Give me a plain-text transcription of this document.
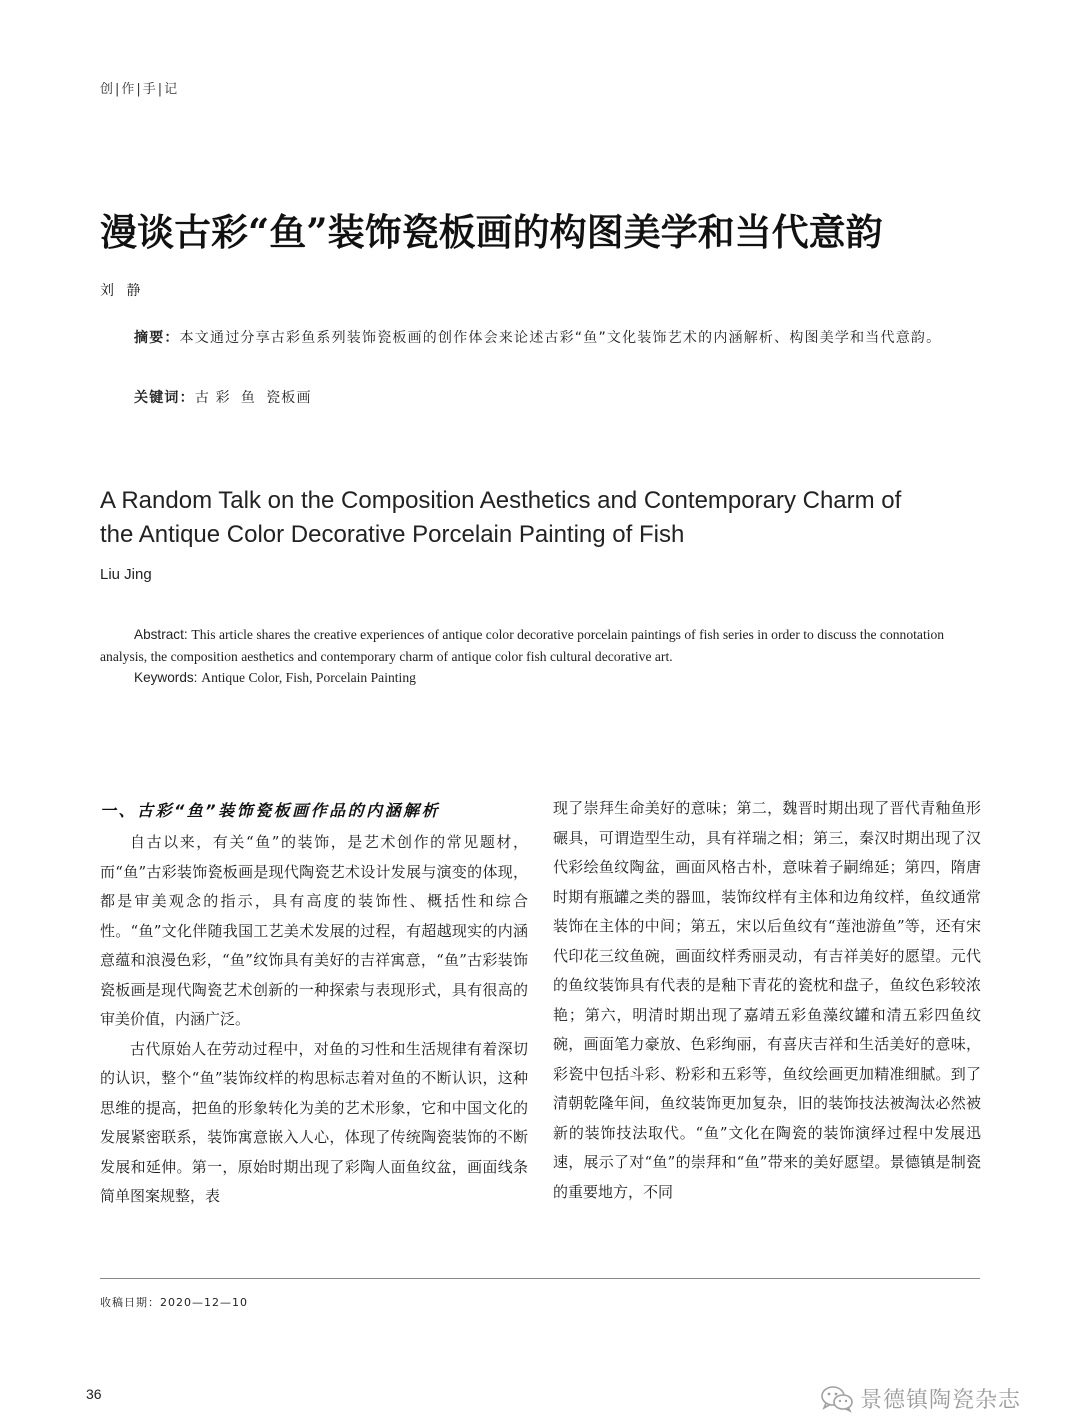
创|作|手|记
漫谈古彩“鱼”装饰瓷板画的构图美学和当代意韵
刘 静
摘要：本文通过分享古彩鱼系列装饰瓷板画的创作体会来论述古彩“鱼”文化装饰艺术的内涵解析、构图美学和当代意韵。
关键词：古 彩 鱼 瓷板画
A Random Talk on the Composition Aesthetics and Contemporary Charm of
the Antique Color Decorative Porcelain Painting of Fish
Liu Jing
Abstract: This article shares the creative experiences of antique color decorative porcelain paintings of fish series in order to discuss the connotation analysis, the composition aesthetics and contemporary charm of antique color fish cultural decorative art.
Keywords: Antique Color, Fish, Porcelain Painting
一、古彩“鱼”装饰瓷板画作品的内涵解析

自古以来，有关“鱼”的装饰，是艺术创作的常见题材，而“鱼”古彩装饰瓷板画是现代陶瓷艺术设计发展与演变的体现，都是审美观念的指示，具有高度的装饰性、概括性和综合性。“鱼”文化伴随我国工艺美术发展的过程，有超越现实的内涵意蕴和浪漫色彩，“鱼”纹饰具有美好的吉祥寓意，“鱼”古彩装饰瓷板画是现代陶瓷艺术创新的一种探索与表现形式，具有很高的审美价值，内涵广泛。

古代原始人在劳动过程中，对鱼的习性和生活规律有着深切的认识，整个“鱼”装饰纹样的构思标志着对鱼的不断认识，这种思维的提高，把鱼的形象转化为美的艺术形象，它和中国文化的发展紧密联系，装饰寓意嵌入人心，体现了传统陶瓷装饰的不断发展和延伸。第一，原始时期出现了彩陶人面鱼纹盆，画面线条简单图案规整，表

现了崇拜生命美好的意味；第二，魏晋时期出现了晋代青釉鱼形碾具，可谓造型生动，具有祥瑞之相；第三，秦汉时期出现了汉代彩绘鱼纹陶盆，画面风格古朴，意味着子嗣绵延；第四，隋唐时期有瓶罐之类的器皿，装饰纹样有主体和边角纹样，鱼纹通常装饰在主体的中间；第五，宋以后鱼纹有“莲池游鱼”等，还有宋代印花三纹鱼碗，画面纹样秀丽灵动，有吉祥美好的愿望。元代的鱼纹装饰具有代表的是釉下青花的瓷枕和盘子，鱼纹色彩较浓艳；第六，明清时期出现了嘉靖五彩鱼藻纹罐和清五彩四鱼纹碗，画面笔力豪放、色彩绚丽，有喜庆吉祥和生活美好的意味，彩瓷中包括斗彩、粉彩和五彩等，鱼纹绘画更加精准细腻。到了清朝乾隆年间，鱼纹装饰更加复杂，旧的装饰技法被淘汰必然被新的装饰技法取代。“鱼”文化在陶瓷的装饰演绎过程中发展迅速，展示了对“鱼”的崇拜和“鱼”带来的美好愿望。景德镇是制瓷的重要地方，不同

收稿日期：2020—12—10
36	景德镇陶瓷杂志
